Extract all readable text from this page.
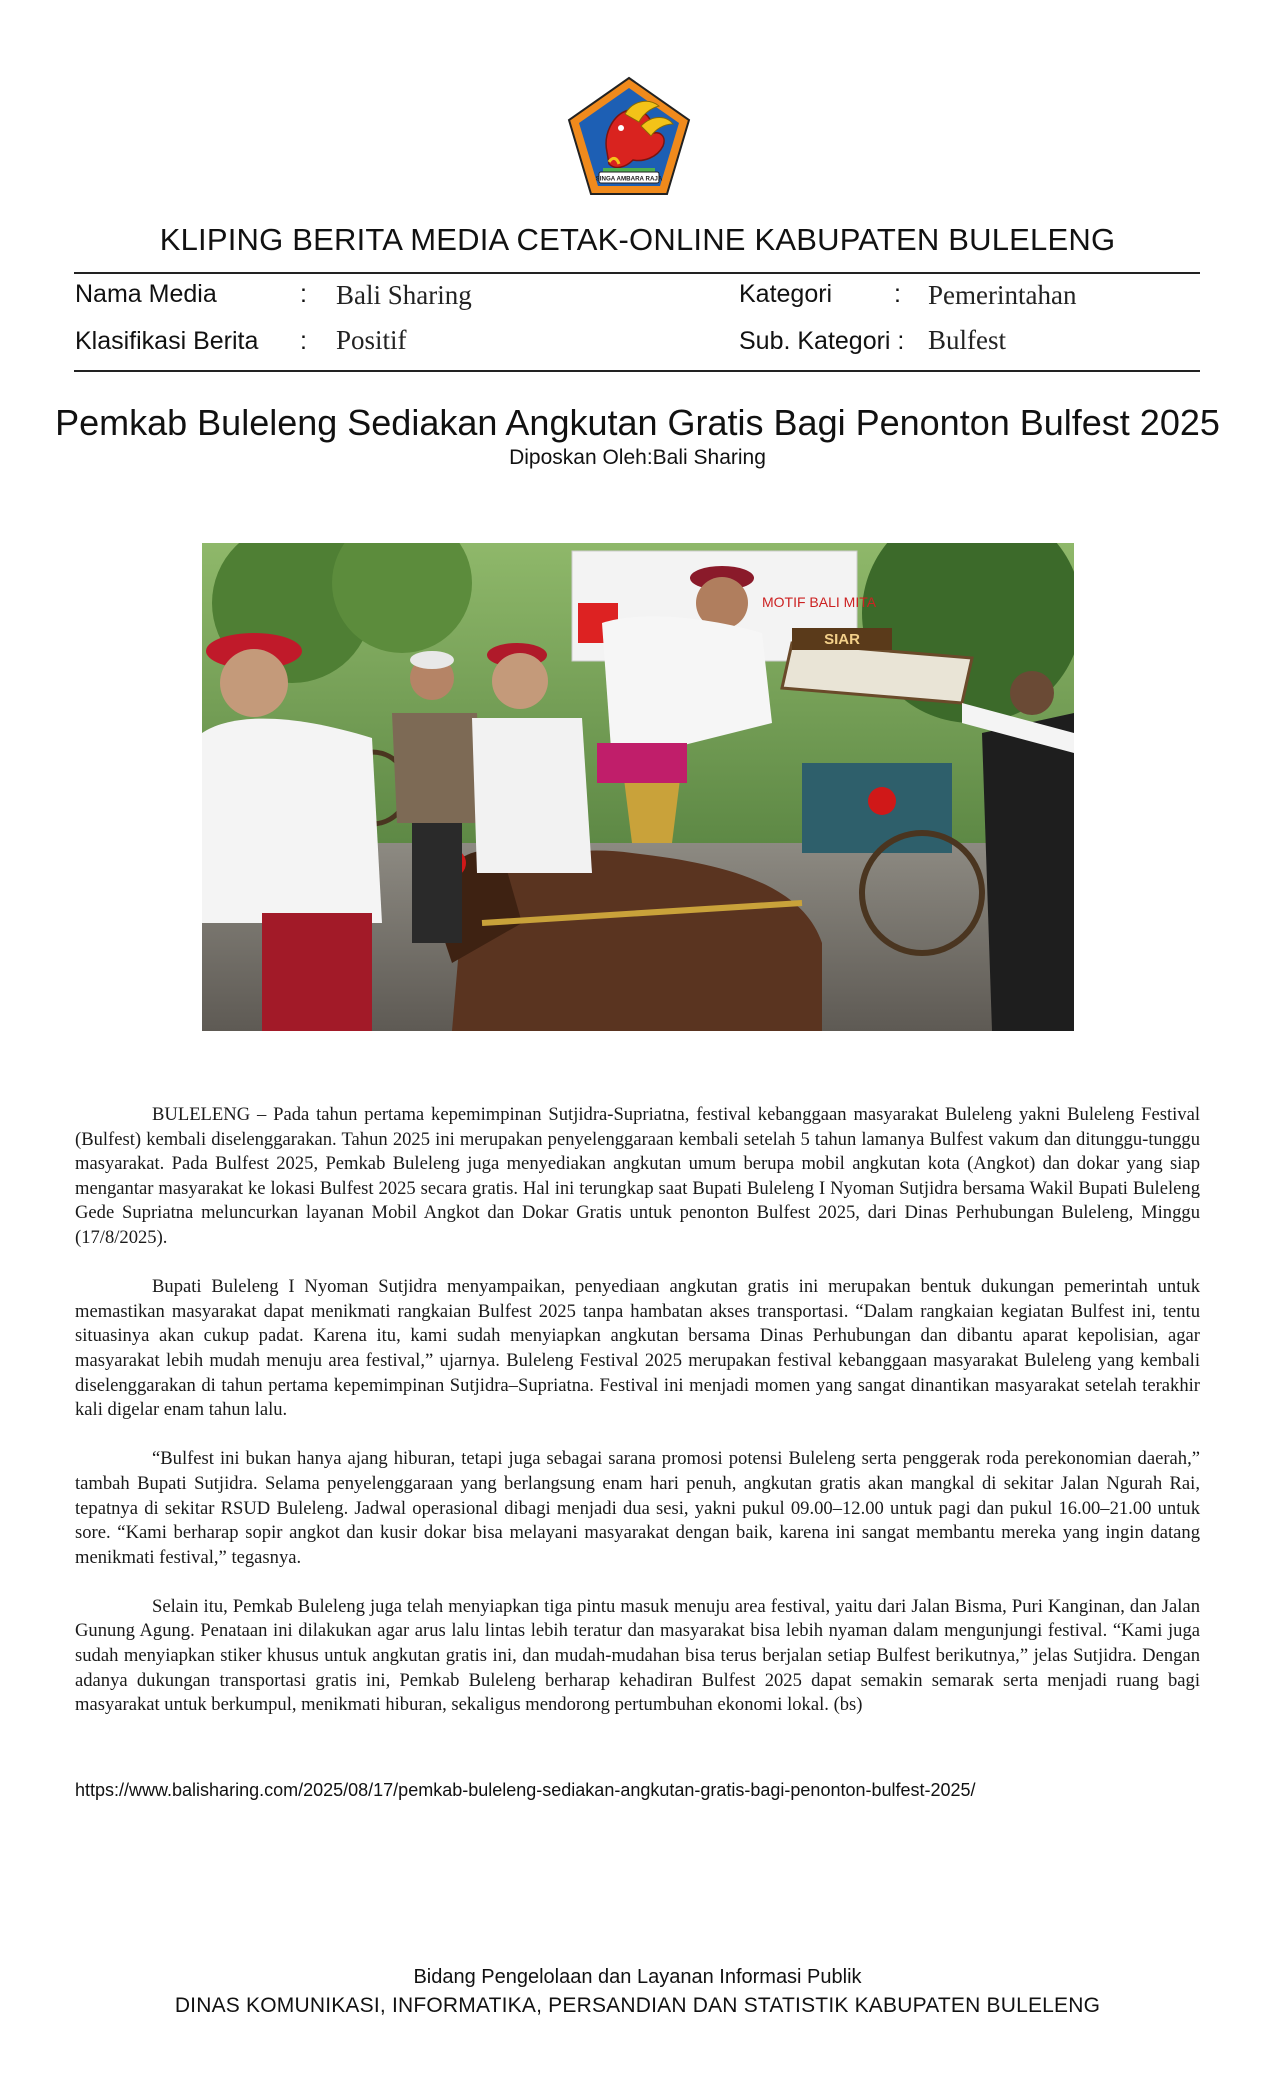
SINGA AMBARA RAJA
KLIPING BERITA MEDIA CETAK-ONLINE KABUPATEN BULELENG
Nama Media	: Bali Sharing	Kategori : Pemerintahan
Klasifikasi Berita : Positif	Sub. Kategori : Bulfest
Pemkab Buleleng Sediakan Angkutan Gratis Bagi Penonton Bulfest 2025
Diposkan Oleh:Bali Sharing
MOTIF BALI MITA
SIAR

BULELENG – Pada tahun pertama kepemimpinan Sutjidra-Supriatna, festival kebanggaan masyarakat Buleleng yakni Buleleng Festival (Bulfest) kembali diselenggarakan. Tahun 2025 ini merupakan penyelenggaraan kembali setelah 5 tahun lamanya Bulfest vakum dan ditunggu-tunggu masyarakat. Pada Bulfest 2025, Pemkab Buleleng juga menyediakan angkutan umum berupa mobil angkutan kota (Angkot) dan dokar yang siap mengantar masyarakat ke lokasi Bulfest 2025 secara gratis. Hal ini terungkap saat Bupati Buleleng I Nyoman Sutjidra bersama Wakil Bupati Buleleng Gede Supriatna meluncurkan layanan Mobil Angkot dan Dokar Gratis untuk penonton Bulfest 2025, dari Dinas Perhubungan Buleleng, Minggu (17/8/2025).

Bupati Buleleng I Nyoman Sutjidra menyampaikan, penyediaan angkutan gratis ini merupakan bentuk dukungan pemerintah untuk memastikan masyarakat dapat menikmati rangkaian Bulfest 2025 tanpa hambatan akses transportasi. “Dalam rangkaian kegiatan Bulfest ini, tentu situasinya akan cukup padat. Karena itu, kami sudah menyiapkan angkutan bersama Dinas Perhubungan dan dibantu aparat kepolisian, agar masyarakat lebih mudah menuju area festival,” ujarnya. Buleleng Festival 2025 merupakan festival kebanggaan masyarakat Buleleng yang kembali diselenggarakan di tahun pertama kepemimpinan Sutjidra–Supriatna. Festival ini menjadi momen yang sangat dinantikan masyarakat setelah terakhir kali digelar enam tahun lalu.

“Bulfest ini bukan hanya ajang hiburan, tetapi juga sebagai sarana promosi potensi Buleleng serta penggerak roda perekonomian daerah,” tambah Bupati Sutjidra. Selama penyelenggaraan yang berlangsung enam hari penuh, angkutan gratis akan mangkal di sekitar Jalan Ngurah Rai, tepatnya di sekitar RSUD Buleleng. Jadwal operasional dibagi menjadi dua sesi, yakni pukul 09.00–12.00 untuk pagi dan pukul 16.00–21.00 untuk sore. “Kami berharap sopir angkot dan kusir dokar bisa melayani masyarakat dengan baik, karena ini sangat membantu mereka yang ingin datang menikmati festival,” tegasnya.

Selain itu, Pemkab Buleleng juga telah menyiapkan tiga pintu masuk menuju area festival, yaitu dari Jalan Bisma, Puri Kanginan, dan Jalan Gunung Agung. Penataan ini dilakukan agar arus lalu lintas lebih teratur dan masyarakat bisa lebih nyaman dalam mengunjungi festival. “Kami juga sudah menyiapkan stiker khusus untuk angkutan gratis ini, dan mudah-mudahan bisa terus berjalan setiap Bulfest berikutnya,” jelas Sutjidra. Dengan adanya dukungan transportasi gratis ini, Pemkab Buleleng berharap kehadiran Bulfest 2025 dapat semakin semarak serta menjadi ruang bagi masyarakat untuk berkumpul, menikmati hiburan, sekaligus mendorong pertumbuhan ekonomi lokal. (bs)

https://www.balisharing.com/2025/08/17/pemkab-buleleng-sediakan-angkutan-gratis-bagi-penonton-bulfest-2025/
Bidang Pengelolaan dan Layanan Informasi Publik
DINAS KOMUNIKASI, INFORMATIKA, PERSANDIAN DAN STATISTIK KABUPATEN BULELENG
